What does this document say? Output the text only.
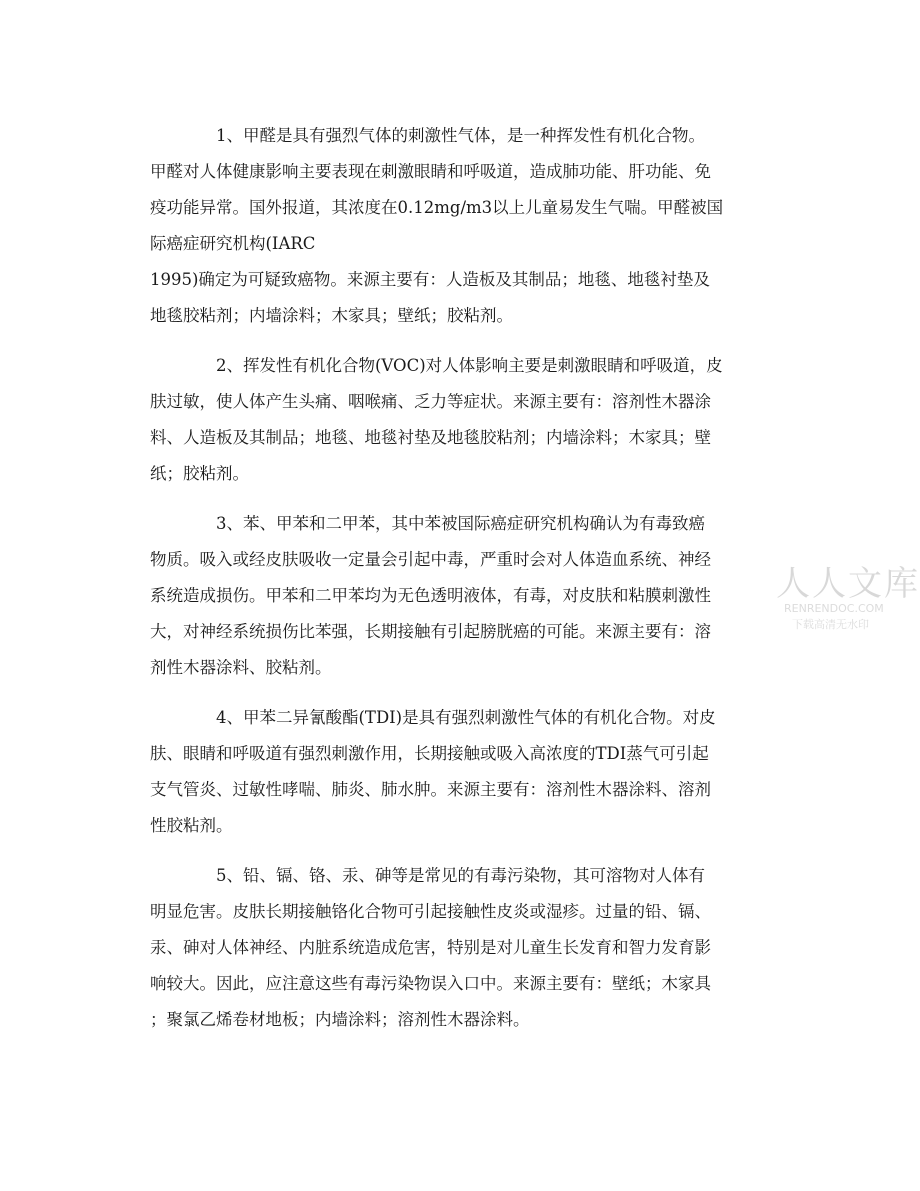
1、甲醛是具有强烈气体的刺激性气体，是一种挥发性有机化合物。
甲醛对人体健康影响主要表现在刺激眼睛和呼吸道，造成肺功能、肝功能、免
疫功能异常。国外报道，其浓度在0.12mg/m3以上儿童易发生气喘。甲醛被国
际癌症研究机构(IARC
1995)确定为可疑致癌物。来源主要有：人造板及其制品；地毯、地毯衬垫及
地毯胶粘剂；内墙涂料；木家具；壁纸；胶粘剂。
2、挥发性有机化合物(VOC)对人体影响主要是刺激眼睛和呼吸道，皮
肤过敏，使人体产生头痛、咽喉痛、乏力等症状。来源主要有：溶剂性木器涂
料、人造板及其制品；地毯、地毯衬垫及地毯胶粘剂；内墙涂料；木家具；壁
纸；胶粘剂。
3、苯、甲苯和二甲苯，其中苯被国际癌症研究机构确认为有毒致癌
物质。吸入或经皮肤吸收一定量会引起中毒，严重时会对人体造血系统、神经
系统造成损伤。甲苯和二甲苯均为无色透明液体，有毒，对皮肤和粘膜刺激性
大，对神经系统损伤比苯强，长期接触有引起膀胱癌的可能。来源主要有：溶
剂性木器涂料、胶粘剂。
4、甲苯二异氰酸酯(TDI)是具有强烈刺激性气体的有机化合物。对皮
肤、眼睛和呼吸道有强烈刺激作用，长期接触或吸入高浓度的TDI蒸气可引起
支气管炎、过敏性哮喘、肺炎、肺水肿。来源主要有：溶剂性木器涂料、溶剂
性胶粘剂。
5、铅、镉、铬、汞、砷等是常见的有毒污染物，其可溶物对人体有
明显危害。皮肤长期接触铬化合物可引起接触性皮炎或湿疹。过量的铅、镉、
汞、砷对人体神经、内脏系统造成危害，特别是对儿童生长发育和智力发育影
响较大。因此，应注意这些有毒污染物误入口中。来源主要有：壁纸；木家具
；聚氯乙烯卷材地板；内墙涂料；溶剂性木器涂料。
人人文库
RENRENDOC.COM
下载高清无水印
